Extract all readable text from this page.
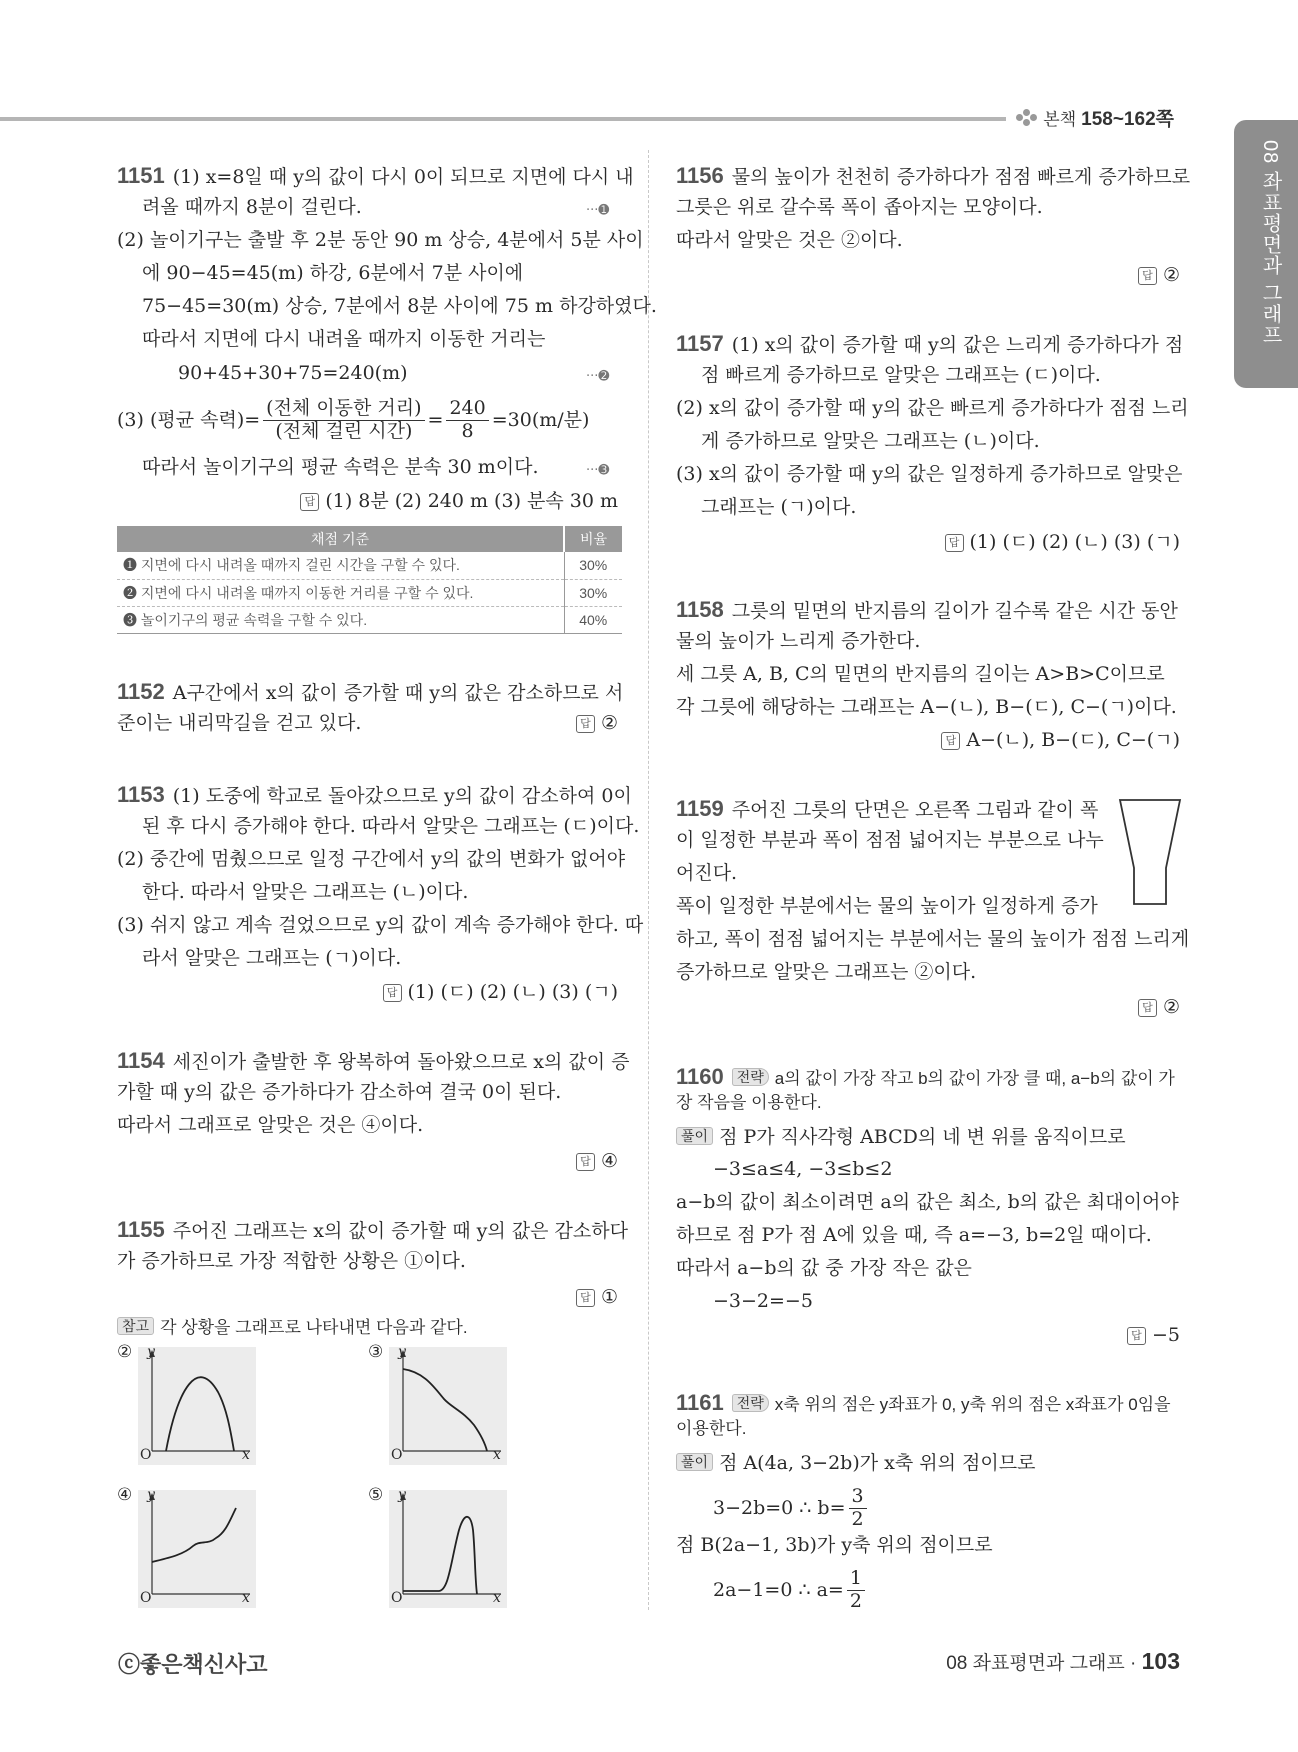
본책 158~162쪽
08 좌표평면과 그래프
1151 (1) x=8일 때 y의 값이 다시 0이 되므로 지면에 다시 내
려올 때까지 8분이 걸린다.	···➊
(2) 놀이기구는 출발 후 2분 동안 90 m 상승, 4분에서 5분 사이
에 90−45=45(m) 하강, 6분에서 7분 사이에
75−45=30(m) 상승, 7분에서 8분 사이에 75 m 하강하였다.
따라서 지면에 다시 내려올 때까지 이동한 거리는
90+45+30+75=240(m)	···➋
(3) (평균 속력)= $\frac{\text{(전체 이동한 거리)}}{\text{(전체 걸린 시간)}} = \frac{240}{8} =30(m/$분)
따라서 놀이기구의 평균 속력은 분속 30 m이다.	···➌
답 (1) 8분 (2) 240 m (3) 분속 30 m
채점 기준	비율
➊ 지면에 다시 내려올 때까지 걸린 시간을 구할 수 있다.	30%
➋ 지면에 다시 내려올 때까지 이동한 거리를 구할 수 있다.	30%
➌ 놀이기구의 평균 속력을 구할 수 있다.	40%
1152 A구간에서 x의 값이 증가할 때 y의 값은 감소하므로 서
준이는 내리막길을 걷고 있다.	답 ②
1153 (1) 도중에 학교로 돌아갔으므로 y의 값이 감소하여 0이
된 후 다시 증가해야 한다. 따라서 알맞은 그래프는 (ㄷ)이다.
(2) 중간에 멈췄으므로 일정 구간에서 y의 값의 변화가 없어야
한다. 따라서 알맞은 그래프는 (ㄴ)이다.
(3) 쉬지 않고 계속 걸었으므로 y의 값이 계속 증가해야 한다. 따
라서 알맞은 그래프는 (ㄱ)이다.
답 (1) (ㄷ) (2) (ㄴ) (3) (ㄱ)
1154 세진이가 출발한 후 왕복하여 돌아왔으므로 x의 값이 증
가할 때 y의 값은 증가하다가 감소하여 결국 0이 된다.
따라서 그래프로 알맞은 것은 ④이다.
답 ④
1155 주어진 그래프는 x의 값이 증가할 때 y의 값은 감소하다
가 증가하므로 가장 적합한 상황은 ①이다.
답 ①
참고 각 상황을 그래프로 나타내면 다음과 같다.
② y
O	x
③ y
O	x
④ y
O	x
⑤ y
O	x
1156 물의 높이가 천천히 증가하다가 점점 빠르게 증가하므로
그릇은 위로 갈수록 폭이 좁아지는 모양이다.
따라서 알맞은 것은 ②이다.
답 ②
1157 (1) x의 값이 증가할 때 y의 값은 느리게 증가하다가 점
점 빠르게 증가하므로 알맞은 그래프는 (ㄷ)이다.
(2) x의 값이 증가할 때 y의 값은 빠르게 증가하다가 점점 느리
게 증가하므로 알맞은 그래프는 (ㄴ)이다.
(3) x의 값이 증가할 때 y의 값은 일정하게 증가하므로 알맞은
그래프는 (ㄱ)이다.
답 (1) (ㄷ) (2) (ㄴ) (3) (ㄱ)
1158 그릇의 밑면의 반지름의 길이가 길수록 같은 시간 동안
물의 높이가 느리게 증가한다.
세 그릇 A, B, C의 밑면의 반지름의 길이는 A>B>C이므로
각 그릇에 해당하는 그래프는 A−(ㄴ), B−(ㄷ), C−(ㄱ)이다.
답 A−(ㄴ), B−(ㄷ), C−(ㄱ)
1159 주어진 그릇의 단면은 오른쪽 그림과 같이 폭
이 일정한 부분과 폭이 점점 넓어지는 부분으로 나누
어진다.
폭이 일정한 부분에서는 물의 높이가 일정하게 증가
하고, 폭이 점점 넓어지는 부분에서는 물의 높이가 점점 느리게
증가하므로 알맞은 그래프는 ②이다.
답 ②
1160 전략 a의 값이 가장 작고 b의 값이 가장 클 때, a−b의 값이 가
장 작음을 이용한다.
풀이 점 P가 직사각형 ABCD의 네 변 위를 움직이므로
−3≤a≤4, −3≤b≤2
a−b의 값이 최소이려면 a의 값은 최소, b의 값은 최대이어야
하므로 점 P가 점 A에 있을 때, 즉 a=−3, b=2일 때이다.
따라서 a−b의 값 중 가장 작은 값은
−3−2=−5
답 −5
1161 전략 x축 위의 점은 y좌표가 0, y축 위의 점은 x좌표가 0임을
이용한다.
풀이 점 A(4a, 3−2b)가 x축 위의 점이므로
3−2b=0 ∴ $b= \frac{3}{2}$
점 B(2a−1, 3b)가 y축 위의 점이므로
2a−1=0 ∴ $a= \frac{1}{2}$
ⓒ좋은책신사고	08 좌표평면과 그래프 · 103
